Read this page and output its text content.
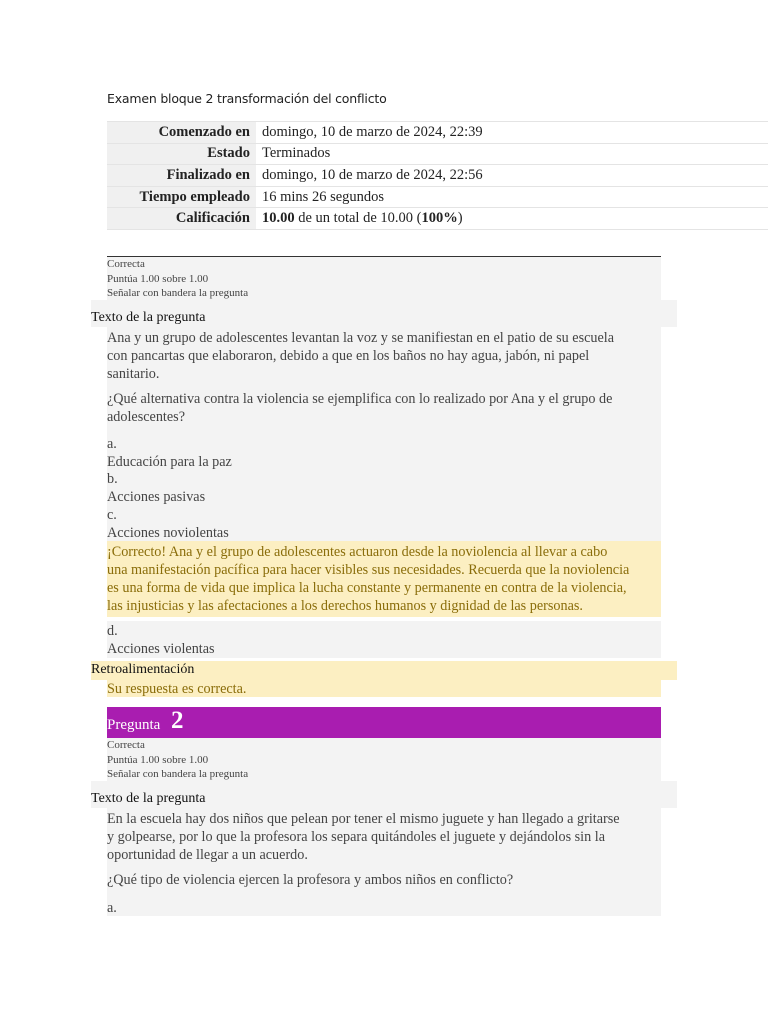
Examen bloque 2 transformación del conflicto
Comenzado en	domingo, 10 de marzo de 2024, 22:39
Estado	Terminados
Finalizado en	domingo, 10 de marzo de 2024, 22:56
Tiempo empleado	16 mins 26 segundos
Calificación	10.00 de un total de 10.00 (100%)
Correcta
Puntúa 1.00 sobre 1.00
Señalar con bandera la pregunta
Texto de la pregunta

Ana y un grupo de adolescentes levantan la voz y se manifiestan en el patio de su escuela

con pancartas que elaboraron, debido a que en los baños no hay agua, jabón, ni papel

sanitario.

¿Qué alternativa contra la violencia se ejemplifica con lo realizado por Ana y el grupo de

adolescentes?

a.
Educación para la paz
b.
Acciones pasivas
c.
Acciones noviolentas

¡Correcto! Ana y el grupo de adolescentes actuaron desde la noviolencia al llevar a cabo

una manifestación pacífica para hacer visibles sus necesidades. Recuerda que la noviolencia

es una forma de vida que implica la lucha constante y permanente en contra de la violencia,

las injusticias y las afectaciones a los derechos humanos y dignidad de las personas.

d.
Acciones violentas
Retroalimentación
Su respuesta es correcta.
Pregunta 2
Correcta
Puntúa 1.00 sobre 1.00
Señalar con bandera la pregunta
Texto de la pregunta

En la escuela hay dos niños que pelean por tener el mismo juguete y han llegado a gritarse

y golpearse, por lo que la profesora los separa quitándoles el juguete y dejándolos sin la

oportunidad de llegar a un acuerdo.

¿Qué tipo de violencia ejercen la profesora y ambos niños en conflicto?

a.
